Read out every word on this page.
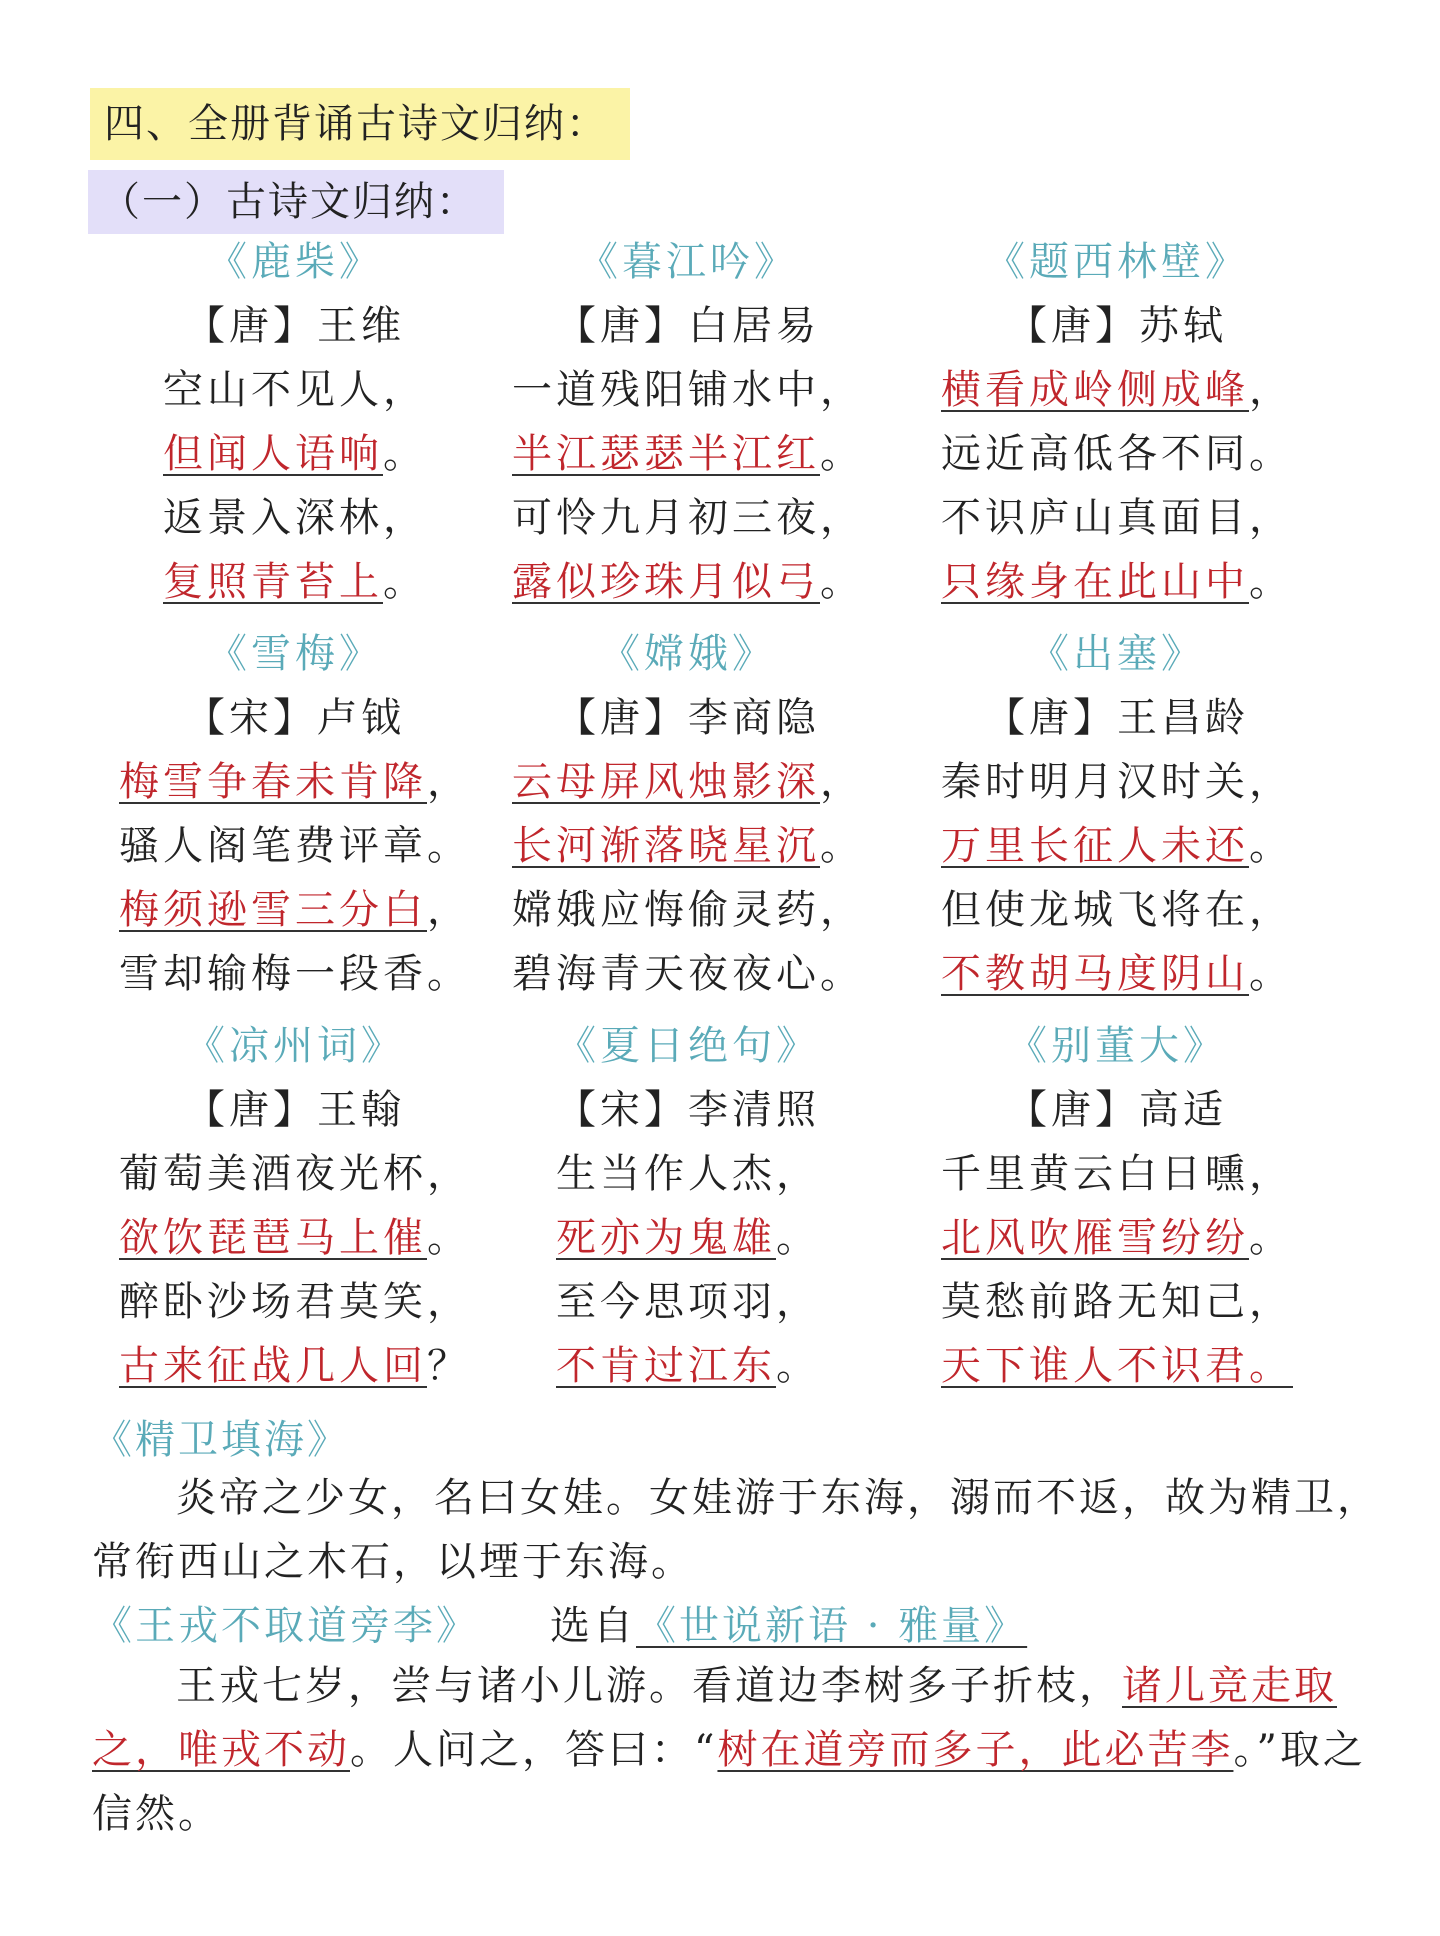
四、全册背诵古诗文归纳：
（一）古诗文归纳：
《鹿柴》
【唐】王维
空山不见人，
但闻人语响。
返景入深林，
复照青苔上。
《暮江吟》
【唐】白居易
一道残阳铺水中，
半江瑟瑟半江红。
可怜九月初三夜，
露似珍珠月似弓。
《题西林壁》
【唐】苏轼
横看成岭侧成峰，
远近高低各不同。
不识庐山真面目，
只缘身在此山中。
《雪梅》
【宋】卢钺
梅雪争春未肯降，
骚人阁笔费评章。
梅须逊雪三分白，
雪却输梅一段香。
《嫦娥》
【唐】李商隐
云母屏风烛影深，
长河渐落晓星沉。
嫦娥应悔偷灵药，
碧海青天夜夜心。
《出塞》
【唐】王昌龄
秦时明月汉时关，
万里长征人未还。
但使龙城飞将在，
不教胡马度阴山。
《凉州词》
【唐】王翰
葡萄美酒夜光杯，
欲饮琵琶马上催。
醉卧沙场君莫笑，
古来征战几人回？
《夏日绝句》
【宋】李清照
生当作人杰，
死亦为鬼雄。
至今思项羽，
不肯过江东。
《别董大》
【唐】高适
千里黄云白日曛，
北风吹雁雪纷纷。
莫愁前路无知己，
天下谁人不识君。
《精卫填海》
炎帝之少女，名曰女娃。女娃游于东海，溺而不返，故为精卫，常衔西山之木石，以堙于东海。
《王戎不取道旁李》 选自《世说新语 · 雅量》
王戎七岁，尝与诸小儿游。看道边李树多子折枝，诸儿竞走取之，唯戎不动。人问之，答曰：“树在道旁而多子，此必苦李。”取之信然。
